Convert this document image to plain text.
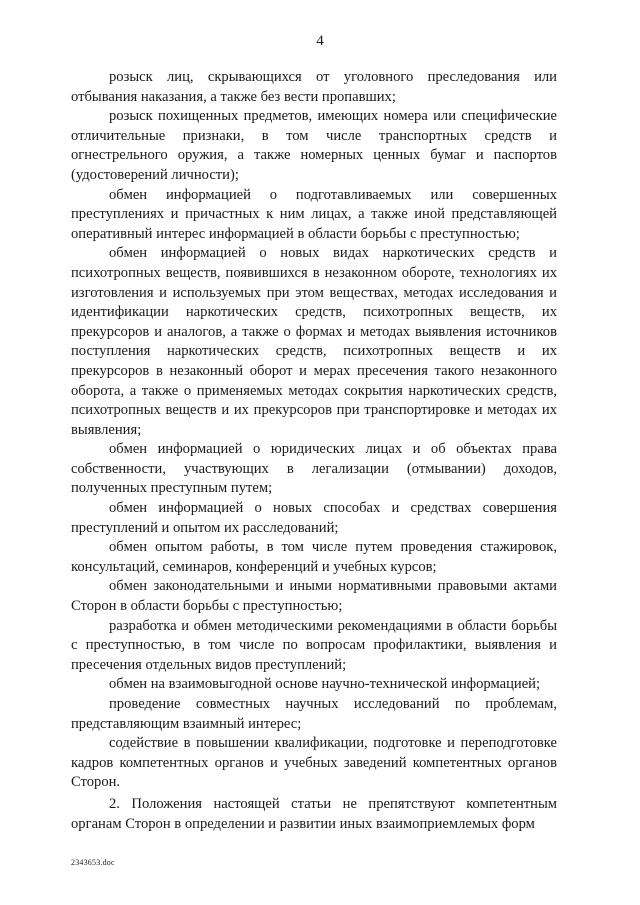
4

розыск лиц, скрывающихся от уголовного преследования или отбывания наказания, а также без вести пропавших;

розыск похищенных предметов, имеющих номера или специфические отличительные признаки, в том числе транспортных средств и огнестрельного оружия, а также номерных ценных бумаг и паспортов (удостоверений личности);

обмен информацией о подготавливаемых или совершенных преступлениях и причастных к ним лицах, а также иной представляющей оперативный интерес информацией в области борьбы с преступностью;

обмен информацией о новых видах наркотических средств и психотропных веществ, появившихся в незаконном обороте, технологиях их изготовления и используемых при этом веществах, методах исследования и идентификации наркотических средств, психотропных веществ, их прекурсоров и аналогов, а также о формах и методах выявления источников поступления наркотических средств, психотропных веществ и их прекурсоров в незаконный оборот и мерах пресечения такого незаконного оборота, а также о применяемых методах сокрытия наркотических средств, психотропных веществ и их прекурсоров при транспортировке и методах их выявления;

обмен информацией о юридических лицах и об объектах права собственности, участвующих в легализации (отмывании) доходов, полученных преступным путем;

обмен информацией о новых способах и средствах совершения преступлений и опытом их расследований;

обмен опытом работы, в том числе путем проведения стажировок, консультаций, семинаров, конференций и учебных курсов;

обмен законодательными и иными нормативными правовыми актами Сторон в области борьбы с преступностью;

разработка и обмен методическими рекомендациями в области борьбы с преступностью, в том числе по вопросам профилактики, выявления и пресечения отдельных видов преступлений;

обмен на взаимовыгодной основе научно-технической информацией;

проведение совместных научных исследований по проблемам, представляющим взаимный интерес;

содействие в повышении квалификации, подготовке и переподготовке кадров компетентных органов и учебных заведений компетентных органов Сторон.

2. Положения настоящей статьи не препятствуют компетентным органам Сторон в определении и развитии иных взаимоприемлемых форм

2343653.doc
